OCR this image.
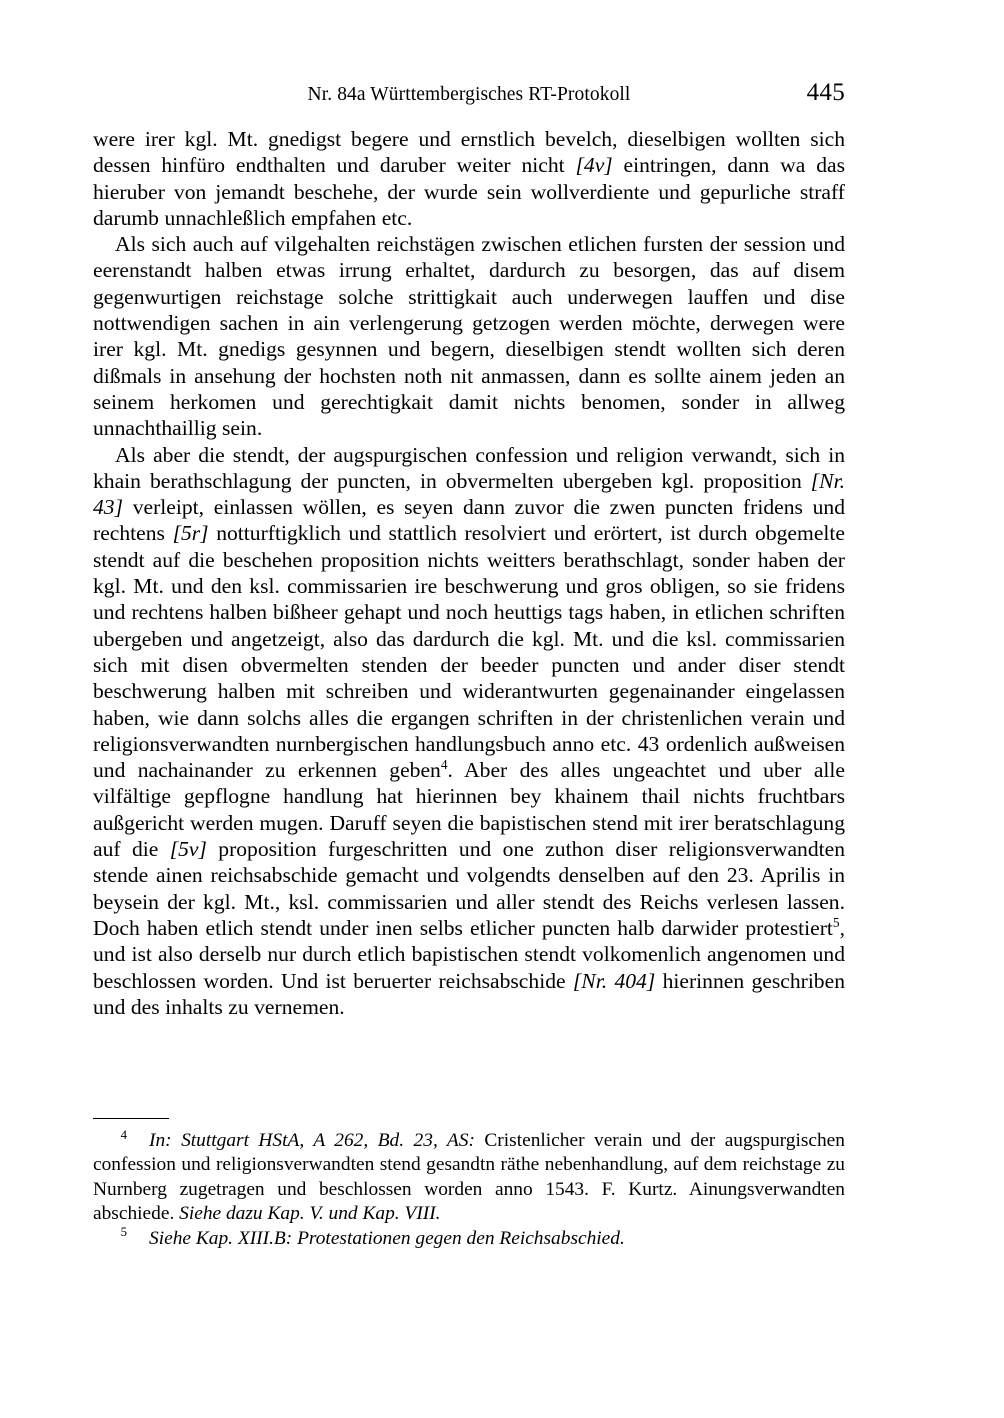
Nr. 84a Württembergisches RT-Protokoll	445

were irer kgl. Mt. gnedigst begere und ernstlich bevelch, dieselbigen wollten sich dessen hinfüro endthalten und daruber weiter nicht [4v] eintringen, dann wa das hieruber von jemandt beschehe, der wurde sein wollverdiente und gepurliche straff darumb unnachleßlich empfahen etc.

Als sich auch auf vilgehalten reichstägen zwischen etlichen fursten der session und eerenstandt halben etwas irrung erhaltet, dardurch zu besorgen, das auf disem gegenwurtigen reichstage solche strittigkait auch underwegen lauffen und dise nottwendigen sachen in ain verlengerung getzogen werden möchte, derwegen were irer kgl. Mt. gnedigs gesynnen und begern, dieselbigen stendt wollten sich deren dißmals in ansehung der hochsten noth nit anmassen, dann es sollte ainem jeden an seinem herkomen und gerechtigkait damit nichts benomen, sonder in allweg unnachthaillig sein.

Als aber die stendt, der augspurgischen confession und religion verwandt, sich in khain berathschlagung der puncten, in obvermelten ubergeben kgl. proposition [Nr. 43] verleipt, einlassen wöllen, es seyen dann zuvor die zwen puncten fridens und rechtens [5r] notturftigklich und stattlich resolviert und erörtert, ist durch obgemelte stendt auf die beschehen proposition nichts weitters berathschlagt, sonder haben der kgl. Mt. und den ksl. commissarien ire beschwerung und gros obligen, so sie fridens und rechtens halben bißheer gehapt und noch heuttigs tags haben, in etlichen schriften ubergeben und angetzeigt, also das dardurch die kgl. Mt. und die ksl. commissarien sich mit disen obvermelten stenden der beeder puncten und ander diser stendt beschwerung halben mit schreiben und widerantwurten gegenainander eingelassen haben, wie dann solchs alles die ergangen schriften in der christenlichen verain und religionsverwandten nurnbergischen handlungsbuch anno etc. 43 ordenlich außweisen und nachainander zu erkennen geben$^4$. Aber des alles ungeachtet und uber alle vilfältige gepflogne handlung hat hierinnen bey khainem thail nichts fruchtbars außgericht werden mugen. Daruff seyen die bapistischen stend mit irer beratschlagung auf die [5v] proposition furgeschritten und one zuthon diser religionsverwandten stende ainen reichsabschide gemacht und volgendts denselben auf den 23. Aprilis in beysein der kgl. Mt., ksl. commissarien und aller stendt des Reichs verlesen lassen. Doch haben etlich stendt under inen selbs etlicher puncten halb darwider protestiert$^5$, und ist also derselb nur durch etlich bapistischen stendt volkomenlich angenomen und beschlossen worden. Und ist beruerter reichsabschide [Nr. 404] hierinnen geschriben und des inhalts zu vernemen.

4 In: Stuttgart HStA, A 262, Bd. 23, AS: Cristenlicher verain und der augspurgischen confession und religionsverwandten stend gesandtn räthe nebenhandlung, auf dem reichstage zu Nurnberg zugetragen und beschlossen worden anno 1543. F. Kurtz. Ainungsverwandten abschiede. Siehe dazu Kap. V. und Kap. VIII.

5 Siehe Kap. XIII.B: Protestationen gegen den Reichsabschied.
